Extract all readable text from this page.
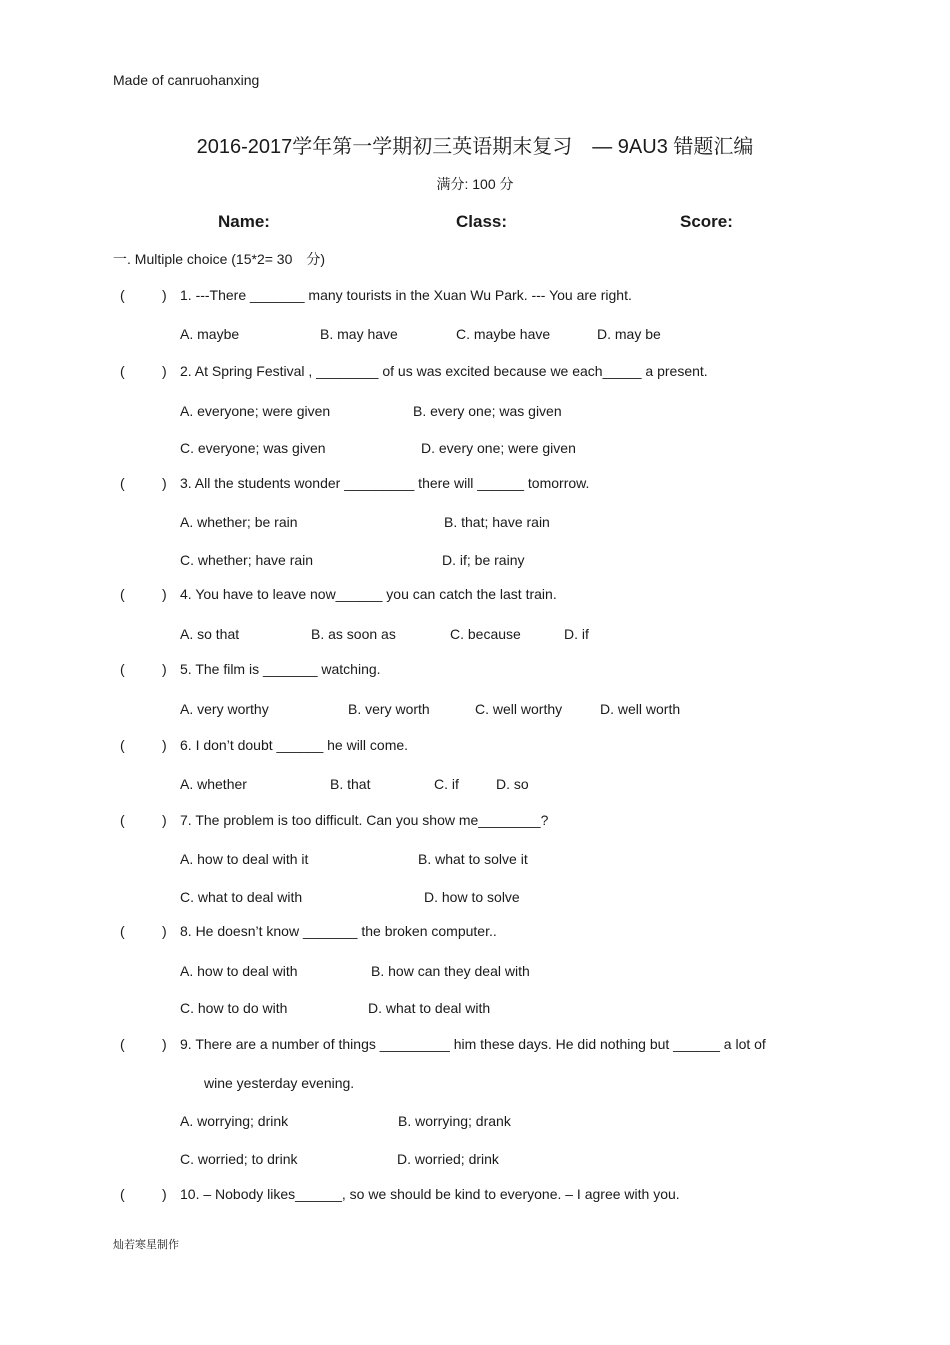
Made of canruohanxing
2016-2017学年第一学期初三英语期末复习　— 9AU3 错题汇编
满分: 100 分
Name:	Class:	Score:
一. Multiple choice (15*2= 30　分)
(	) 1. ---There _______ many tourists in the Xuan Wu Park. --- You are right.
A. maybe	B. may have	C. maybe have	D. may be
(	) 2. At Spring Festival , ________ of us was excited because we each_____ a present.
A. everyone; were given	B. every one; was given
C. everyone; was given	D. every one; were given
(	) 3. All the students wonder _________ there will ______ tomorrow.
A. whether; be rain	B. that; have rain
C. whether; have rain	D. if; be rainy
(	) 4. You have to leave now______ you can catch the last train.
A. so that	B. as soon as	C. because	D. if
(	) 5. The film is _______ watching.
A. very worthy	B. very worth	C. well worthy	D. well worth
(	) 6. I don’t doubt ______ he will come.
A. whether	B. that	C. if	D. so
(	) 7. The problem is too difficult. Can you show me________?
A. how to deal with it	B. what to solve it
C. what to deal with	D. how to solve
(	) 8. He doesn’t know _______ the broken computer..
A. how to deal with	B. how can they deal with
C. how to do with	D. what to deal with
(	) 9. There are a number of things _________ him these days. He did nothing but ______ a lot of
wine yesterday evening.
A. worrying; drink	B. worrying; drank
C. worried; to drink	D. worried; drink
(	) 10. – Nobody likes______, so we should be kind to everyone. – I agree with you.
灿若寒星制作
